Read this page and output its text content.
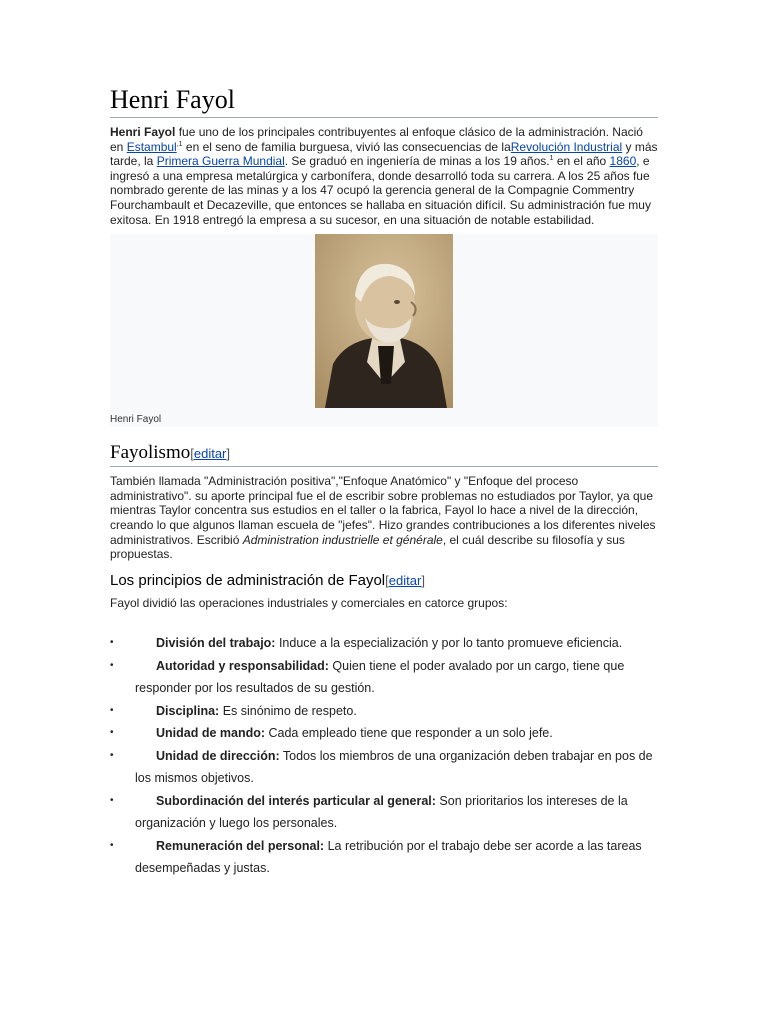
Henri Fayol

Henri Fayol fue uno de los principales contribuyentes al enfoque clásico de la administración. Nació en Estambul$^{,1}$ en el seno de familia burguesa, vivió las consecuencias de laRevolución Industrial y más tarde, la Primera Guerra Mundial. Se graduó en ingeniería de minas a los 19 años.$^1$ en el año 1860, e ingresó a una empresa metalúrgica y carbonífera, donde desarrolló toda su carrera. A los 25 años fue nombrado gerente de las minas y a los 47 ocupó la gerencia general de la Compagnie Commentry Fourchambault et Decazeville, que entonces se hallaba en situación difícil. Su administración fue muy exitosa. En 1918 entregó la empresa a su sucesor, en una situación de notable estabilidad.

Henri Fayol
Fayolismo[editar]

También llamada "Administración positiva","Enfoque Anatómico" y "Enfoque del proceso administrativo". su aporte principal fue el de escribir sobre problemas no estudiados por Taylor, ya que mientras Taylor concentra sus estudios en el taller o la fabrica, Fayol lo hace a nivel de la dirección, creando lo que algunos llaman escuela de "jefes". Hizo grandes contribuciones a los diferentes niveles administrativos. Escribió Administration industrielle et générale, el cuál describe su filosofía y sus propuestas.

Los principios de administración de Fayol[editar]

Fayol dividió las operaciones industriales y comerciales en catorce grupos:

•	División del trabajo: Induce a la especialización y por lo tanto promueve eficiencia.
•	Autoridad y responsabilidad: Quien tiene el poder avalado por un cargo, tiene que responder por los resultados de su gestión.
•	Disciplina: Es sinónimo de respeto.
•	Unidad de mando: Cada empleado tiene que responder a un solo jefe.
•	Unidad de dirección: Todos los miembros de una organización deben trabajar en pos de los mismos objetivos.
•	Subordinación del interés particular al general: Son prioritarios los intereses de la organización y luego los personales.
•	Remuneración del personal: La retribución por el trabajo debe ser acorde a las tareas desempeñadas y justas.
